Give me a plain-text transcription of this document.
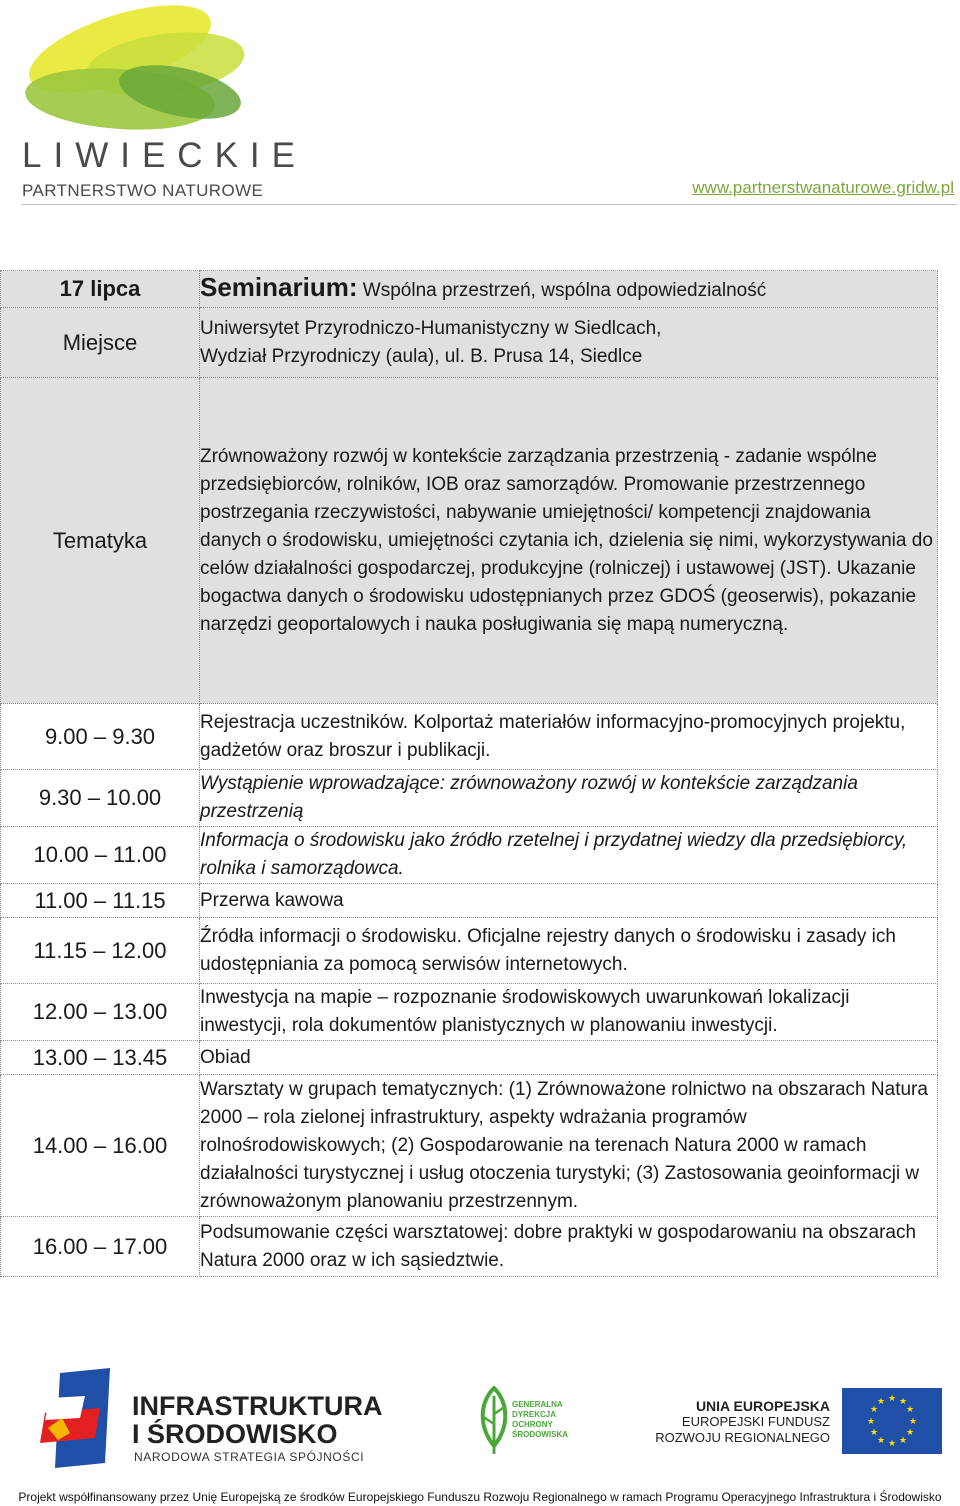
LIWIECKIE
PARTNERSTWO NATUROWE	www.partnerstwanaturowe.gridw.pl
17 lipca	Seminarium: Wspólna przestrzeń, wspólna odpowiedzialność
Miejsce	Uniwersytet Przyrodniczo-Humanistyczny w Siedlcach,
Wydział Przyrodniczy (aula), ul. B. Prusa 14, Siedlce

Tematyka	Zrównoważony rozwój w kontekście zarządzania przestrzenią - zadanie wspólne przedsiębiorców, rolników, IOB oraz samorządów. Promowanie przestrzennego postrzegania rzeczywistości, nabywanie umiejętności/ kompetencji znajdowania danych o środowisku, umiejętności czytania ich, dzielenia się nimi, wykorzystywania do celów działalności gospodarczej, produkcyjne (rolniczej) i ustawowej (JST). Ukazanie bogactwa danych o środowisku udostępnianych przez GDOŚ (geoserwis), pokazanie narzędzi geoportalowych i nauka posługiwania się mapą numeryczną.
9.00 – 9.30	Rejestracja uczestników. Kolportaż materiałów informacyjno-promocyjnych projektu, gadżetów oraz broszur i publikacji.
9.30 – 10.00	Wystąpienie wprowadzające: zrównoważony rozwój w kontekście zarządzania przestrzenią
10.00 – 11.00	Informacja o środowisku jako źródło rzetelnej i przydatnej wiedzy dla przedsiębiorcy, rolnika i samorządowca.
11.00 – 11.15	Przerwa kawowa
11.15 – 12.00	Źródła informacji o środowisku. Oficjalne rejestry danych o środowisku i zasady ich udostępniania za pomocą serwisów internetowych.
12.00 – 13.00	Inwestycja na mapie – rozpoznanie środowiskowych uwarunkowań lokalizacji inwestycji, rola dokumentów planistycznych w planowaniu inwestycji.
13.00 – 13.45	Obiad
14.00 – 16.00	Warsztaty w grupach tematycznych: (1) Zrównoważone rolnictwo na obszarach Natura 2000 – rola zielonej infrastruktury, aspekty wdrażania programów rolnośrodowiskowych; (2) Gospodarowanie na terenach Natura 2000 w ramach działalności turystycznej i usług otoczenia turystyki; (3) Zastosowania geoinformacji w zrównoważonym planowaniu przestrzennym.
16.00 – 17.00	Podsumowanie części warsztatowej: dobre praktyki w gospodarowaniu na obszarach Natura 2000 oraz w ich sąsiedztwie.
INFRASTRUKTURA
I ŚRODOWISKO
NARODOWA STRATEGIA SPÓJNOŚCI
GENERALNA
DYREKCJA
OCHRONY
ŚRODOWISKA
UNIA EUROPEJSKA
EUROPEJSKI FUNDUSZ
ROZWOJU REGIONALNEGO
★ ★
★
★
★
★
★
★
★
★
★
★
Projekt współfinansowany przez Unię Europejską ze środków Europejskiego Funduszu Rozwoju Regionalnego w ramach Programu Operacyjnego Infrastruktura i Środowisko
